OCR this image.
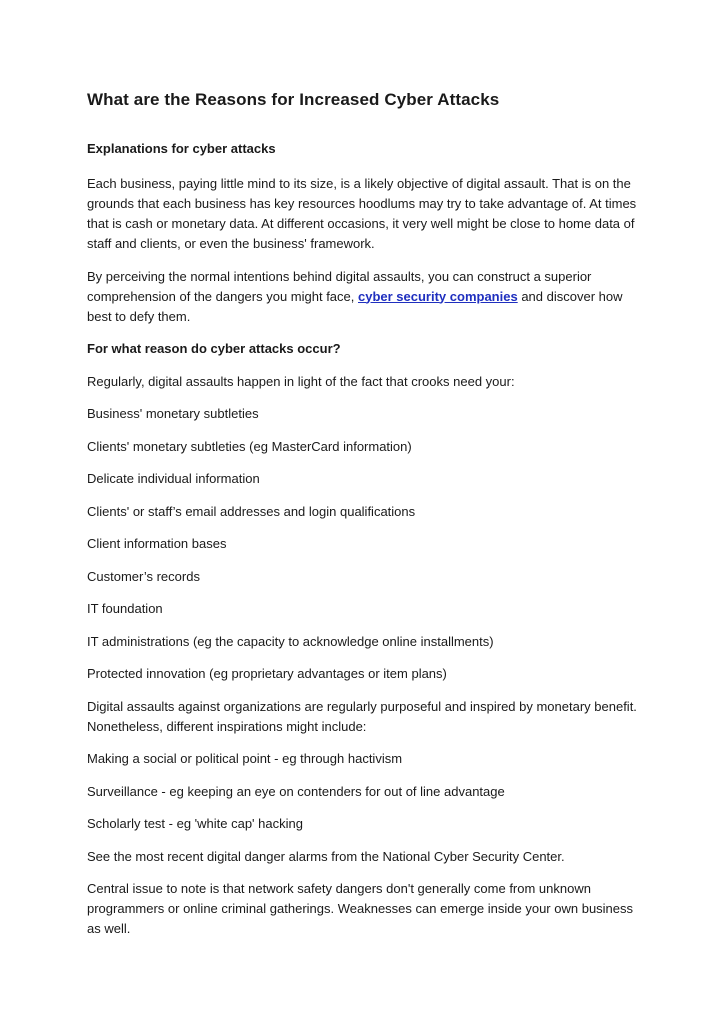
What are the Reasons for Increased Cyber Attacks
Explanations for cyber attacks

Each business, paying little mind to its size, is a likely objective of digital assault. That is on the grounds that each business has key resources hoodlums may try to take advantage of. At times that is cash or monetary data. At different occasions, it very well might be close to home data of staff and clients, or even the business' framework.

By perceiving the normal intentions behind digital assaults, you can construct a superior comprehension of the dangers you might face, cyber security companies and discover how best to defy them.

For what reason do cyber attacks occur?

Regularly, digital assaults happen in light of the fact that crooks need your:

Business' monetary subtleties

Clients' monetary subtleties (eg MasterCard information)

Delicate individual information

Clients' or staff’s email addresses and login qualifications

Client information bases

Customer’s records

IT foundation

IT administrations (eg the capacity to acknowledge online installments)

Protected innovation (eg proprietary advantages or item plans)

Digital assaults against organizations are regularly purposeful and inspired by monetary benefit. Nonetheless, different inspirations might include:

Making a social or political point - eg through hactivism

Surveillance - eg keeping an eye on contenders for out of line advantage

Scholarly test - eg 'white cap' hacking

See the most recent digital danger alarms from the National Cyber Security Center.

Central issue to note is that network safety dangers don't generally come from unknown programmers or online criminal gatherings. Weaknesses can emerge inside your own business as well.
